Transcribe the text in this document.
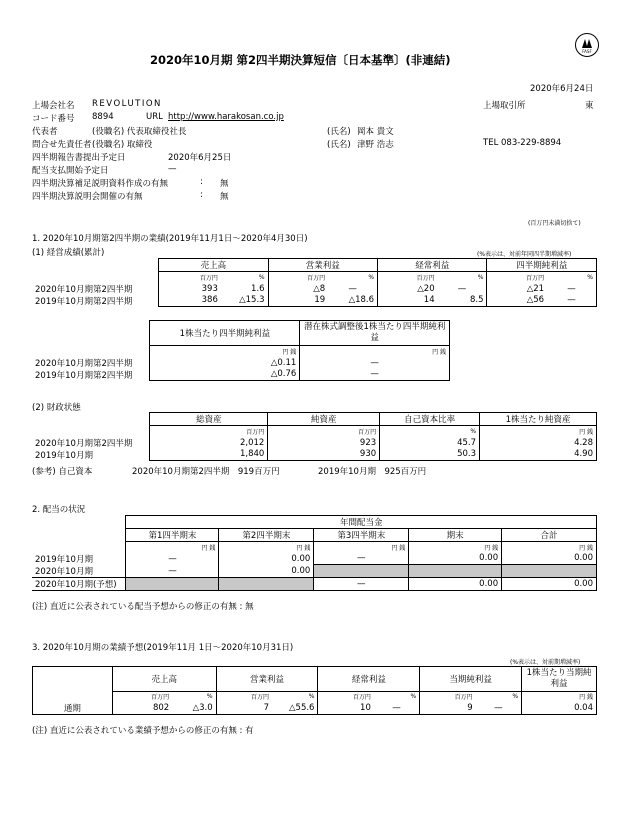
2020年10月期 第2四半期決算短信〔日本基準〕(非連結)
FASF
2020年6月24日
上場会社名 REVOLUTION	上場取引所	東
コード番号 8894	URL http://www.harakosan.co.jp
代表者	(役職名) 代表取締役社長	(氏名) 岡本 貴文
問合せ先責任者 (役職名) 取締役	(氏名) 津野 浩志	TEL 083-229-8894
四半期報告書提出予定日	2020年6月25日
配当支払開始予定日	—
四半期決算補足説明資料作成の有無	: 無
四半期決算説明会開催の有無	: 無
(百万円未満切捨て)
1. 2020年10月期第2四半期の業績(2019年11月1日～2020年4月30日)
(1) 経営成績(累計)	(%表示は、対前年同四半期増減率)
	売上高		営業利益		経常利益		四半期純利益	
	百万円	%	百万円	%	百万円	%	百万円	%
2020年10月期第2四半期	393	1.6	△8	—	△20	—	△21	—
2019年10月期第2四半期	386	△15.3	19	△18.6	14	8.5	△56	—
	1株当たり四半期純利益	潜在株式調整後1株当たり四半期純利益
	円 銭	円 銭
2020年10月期第2四半期	△0.11	—
2019年10月期第2四半期	△0.76	—
(2) 財政状態
	総資産	純資産	自己資本比率	1株当たり純資産
	百万円	百万円	%	円 銭
2020年10月期第2四半期	2,012	923	45.7	4.28
2019年10月期	1,840	930	50.3	4.90
(参考) 自己資本	2020年10月期第2四半期　919百万円	2019年10月期　925百万円
2. 配当の状況
	年間配当金				
	第1四半期末	第2四半期末	第3四半期末	期末	合計
	円 銭	円 銭	円 銭	円 銭	円 銭
2019年10月期	—	0.00	—	0.00	0.00
2020年10月期	—	0.00			
2020年10月期(予想)			—	0.00	0.00
(注) 直近に公表されている配当予想からの修正の有無 : 無
3. 2020年10月期の業績予想(2019年11月 1日～2020年10月31日)
(%表示は、対前期増減率)
	売上高		営業利益		経常利益		当期純利益		1株当たり当期純利益
	百万円	%	百万円	%	百万円	%	百万円	%	円 銭
通期	802	△3.0	7	△55.6	10	—	9	—	0.04
(注) 直近に公表されている業績予想からの修正の有無 : 有
